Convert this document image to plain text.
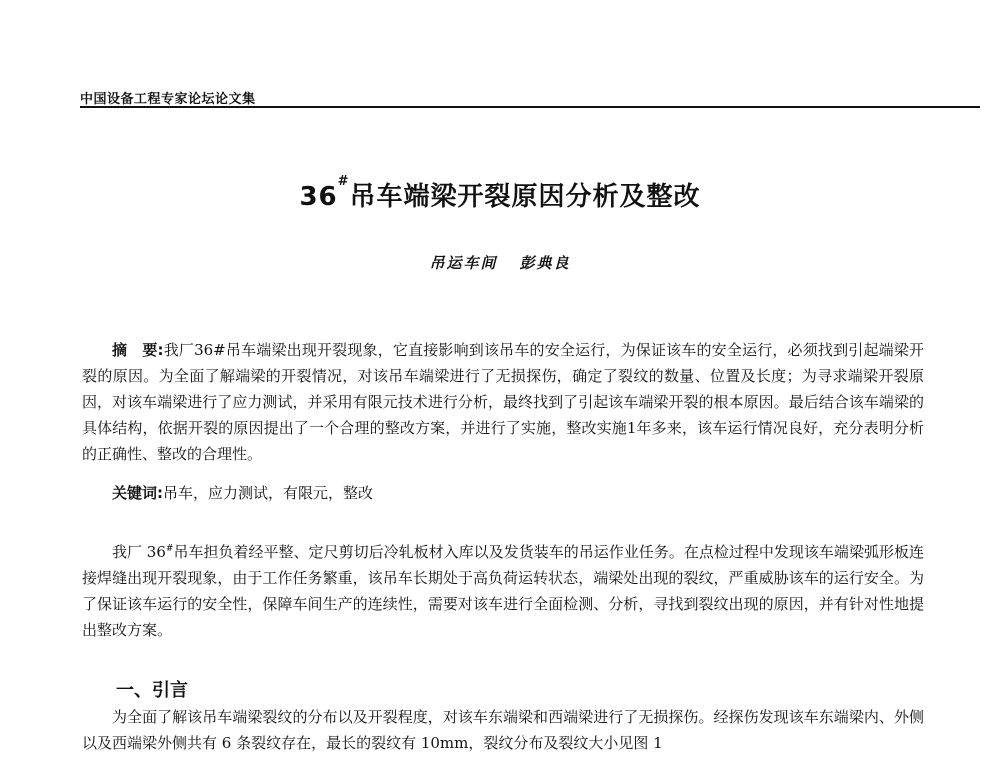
中国设备工程专家论坛论文集
36#吊车端梁开裂原因分析及整改
吊运车间 彭典良

摘　要:我厂36#吊车端梁出现开裂现象，它直接影响到该吊车的安全运行，为保证该车的安全运行，必须找到引起端梁开裂的原因。为全面了解端梁的开裂情况，对该吊车端梁进行了无损探伤，确定了裂纹的数量、位置及长度；为寻求端梁开裂原因，对该车端梁进行了应力测试，并采用有限元技术进行分析，最终找到了引起该车端梁开裂的根本原因。最后结合该车端梁的具体结构，依据开裂的原因提出了一个合理的整改方案，并进行了实施，整改实施1年多来，该车运行情况良好，充分表明分析的正确性、整改的合理性。

关键词:吊车，应力测试，有限元，整改

我厂 36#吊车担负着经平整、定尺剪切后冷轧板材入库以及发货装车的吊运作业任务。在点检过程中发现该车端梁弧形板连接焊缝出现开裂现象，由于工作任务繁重，该吊车长期处于高负荷运转状态，端梁处出现的裂纹，严重威胁该车的运行安全。为了保证该车运行的安全性，保障车间生产的连续性，需要对该车进行全面检测、分析，寻找到裂纹出现的原因，并有针对性地提出整改方案。

一、引言

为全面了解该吊车端梁裂纹的分布以及开裂程度，对该车东端梁和西端梁进行了无损探伤。经探伤发现该车东端梁内、外侧以及西端梁外侧共有 6 条裂纹存在，最长的裂纹有 10mm，裂纹分布及裂纹大小见图 1
